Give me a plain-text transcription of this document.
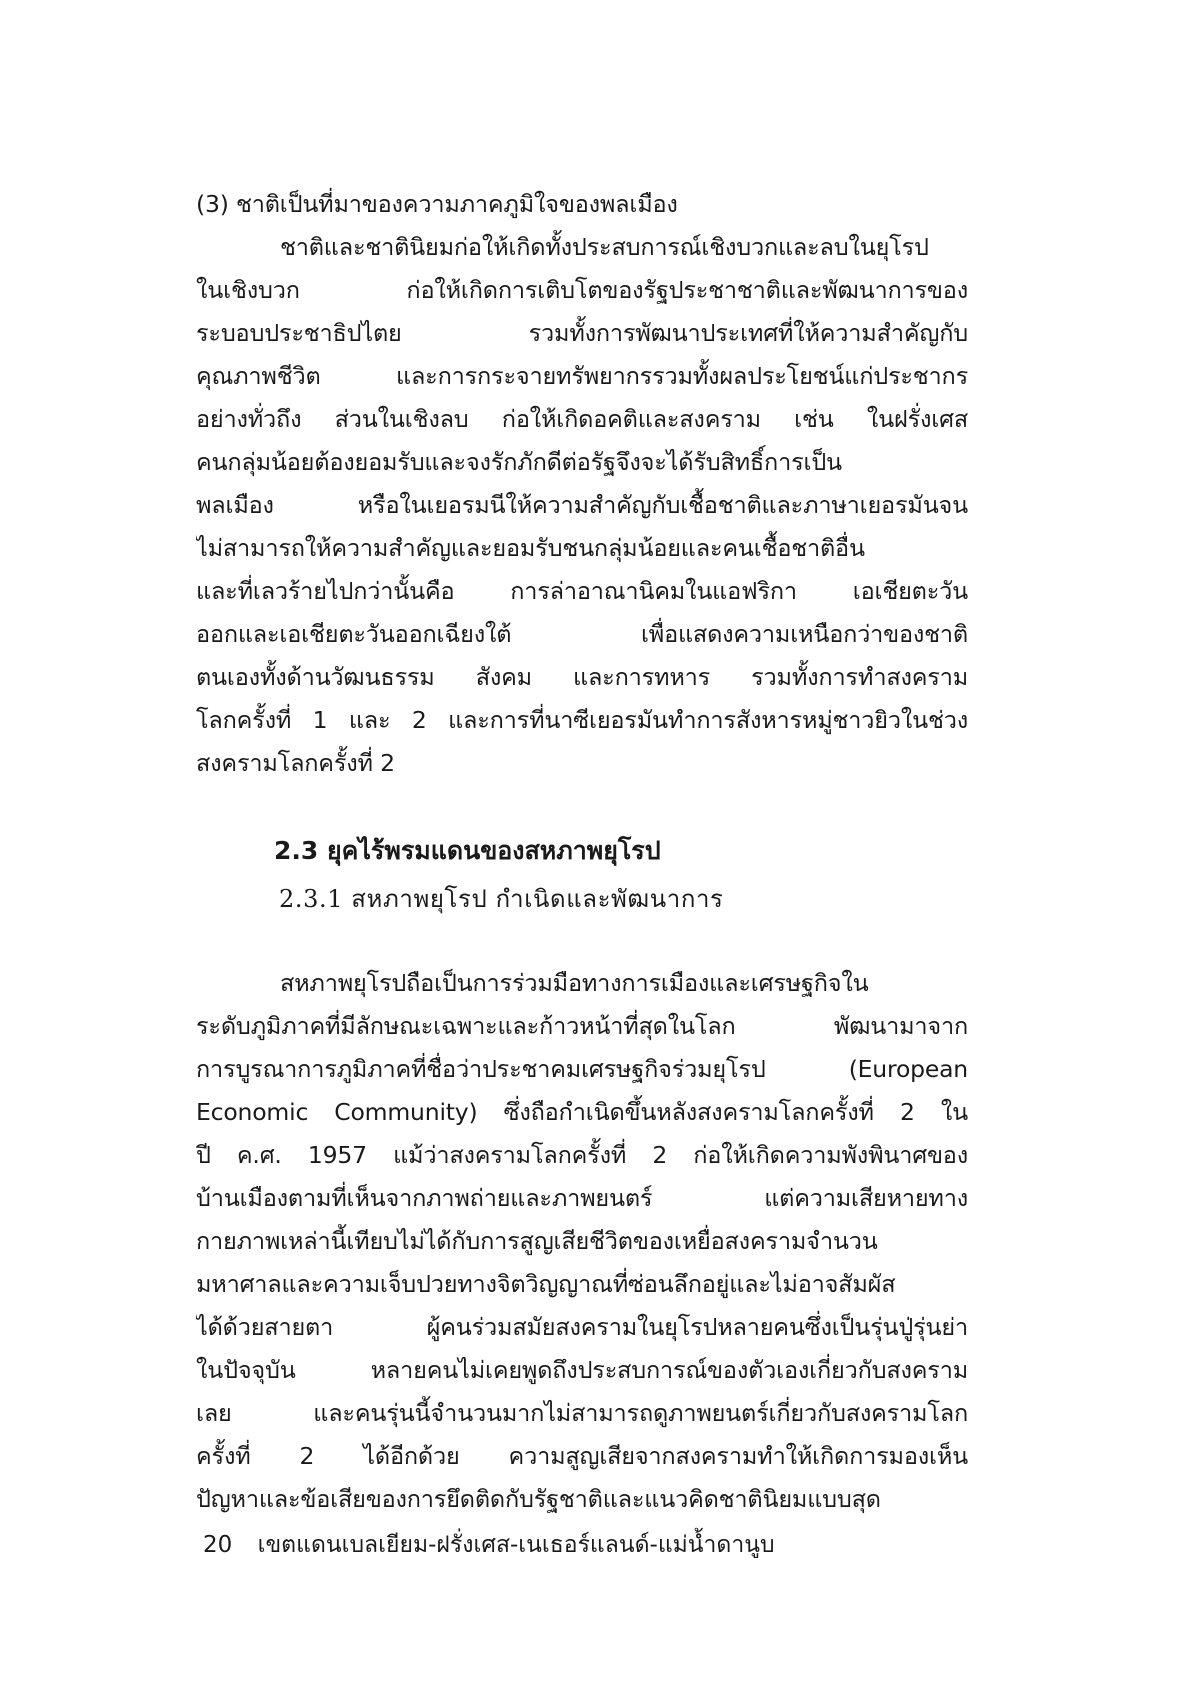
(3) ชาติเป็นที่มาของความภาคภูมิใจของพลเมือง
ชาติและชาตินิยมก่อให้เกิดทั้งประสบการณ์เชิงบวกและลบในยุโรป
ในเชิงบวก ก่อให้เกิดการเติบโตของรัฐประชาชาติและพัฒนาการของ
ระบอบประชาธิปไตย รวมทั้งการพัฒนาประเทศที่ให้ความสำคัญกับ
คุณภาพชีวิต และการกระจายทรัพยากรรวมทั้งผลประโยชน์แก่ประชากร
อย่างทั่วถึง ส่วนในเชิงลบ ก่อให้เกิดอคติและสงคราม เช่น ในฝรั่งเศส
คนกลุ่มน้อยต้องยอมรับและจงรักภักดีต่อรัฐจึงจะได้รับสิทธิ์การเป็น
พลเมือง หรือในเยอรมนีให้ความสำคัญกับเชื้อชาติและภาษาเยอรมันจน
ไม่สามารถให้ความสำคัญและยอมรับชนกลุ่มน้อยและคนเชื้อชาติอื่น
และที่เลวร้ายไปกว่านั้นคือ การล่าอาณานิคมในแอฟริกา เอเชียตะวัน
ออกและเอเชียตะวันออกเฉียงใต้ เพื่อแสดงความเหนือกว่าของชาติ
ตนเองทั้งด้านวัฒนธรรม สังคม และการทหาร รวมทั้งการทำสงคราม
โลกครั้งที่ 1 และ 2 และการที่นาซีเยอรมันทำการสังหารหมู่ชาวยิวในช่วง
สงครามโลกครั้งที่ 2
2.3 ยุคไร้พรมแดนของสหภาพยุโรป
2.3.1 สหภาพยุโรป กำเนิดและพัฒนาการ
สหภาพยุโรปถือเป็นการร่วมมือทางการเมืองและเศรษฐกิจใน
ระดับภูมิภาคที่มีลักษณะเฉพาะและก้าวหน้าที่สุดในโลก พัฒนามาจาก
การบูรณาการภูมิภาคที่ชื่อว่าประชาคมเศรษฐกิจร่วมยุโรป (European
Economic Community) ซึ่งถือกำเนิดขึ้นหลังสงครามโลกครั้งที่ 2 ใน
ปี ค.ศ. 1957 แม้ว่าสงครามโลกครั้งที่ 2 ก่อให้เกิดความพังพินาศของ
บ้านเมืองตามที่เห็นจากภาพถ่ายและภาพยนตร์ แต่ความเสียหายทาง
กายภาพเหล่านี้เทียบไม่ได้กับการสูญเสียชีวิตของเหยื่อสงครามจำนวน
มหาศาลและความเจ็บปวยทางจิตวิญญาณที่ซ่อนลึกอยู่และไม่อาจสัมผัส
ได้ด้วยสายตา ผู้คนร่วมสมัยสงครามในยุโรปหลายคนซึ่งเป็นรุ่นปู่รุ่นย่า
ในปัจจุบัน หลายคนไม่เคยพูดถึงประสบการณ์ของตัวเองเกี่ยวกับสงคราม
เลย และคนรุ่นนี้จำนวนมากไม่สามารถดูภาพยนตร์เกี่ยวกับสงครามโลก
ครั้งที่ 2 ได้อีกด้วย ความสูญเสียจากสงครามทำให้เกิดการมองเห็น
ปัญหาและข้อเสียของการยึดติดกับรัฐชาติและแนวคิดชาตินิยมแบบสุด
20 เขตแดนเบลเยียม-ฝรั่งเศส-เนเธอร์แลนด์-แม่น้ำดานูบ
